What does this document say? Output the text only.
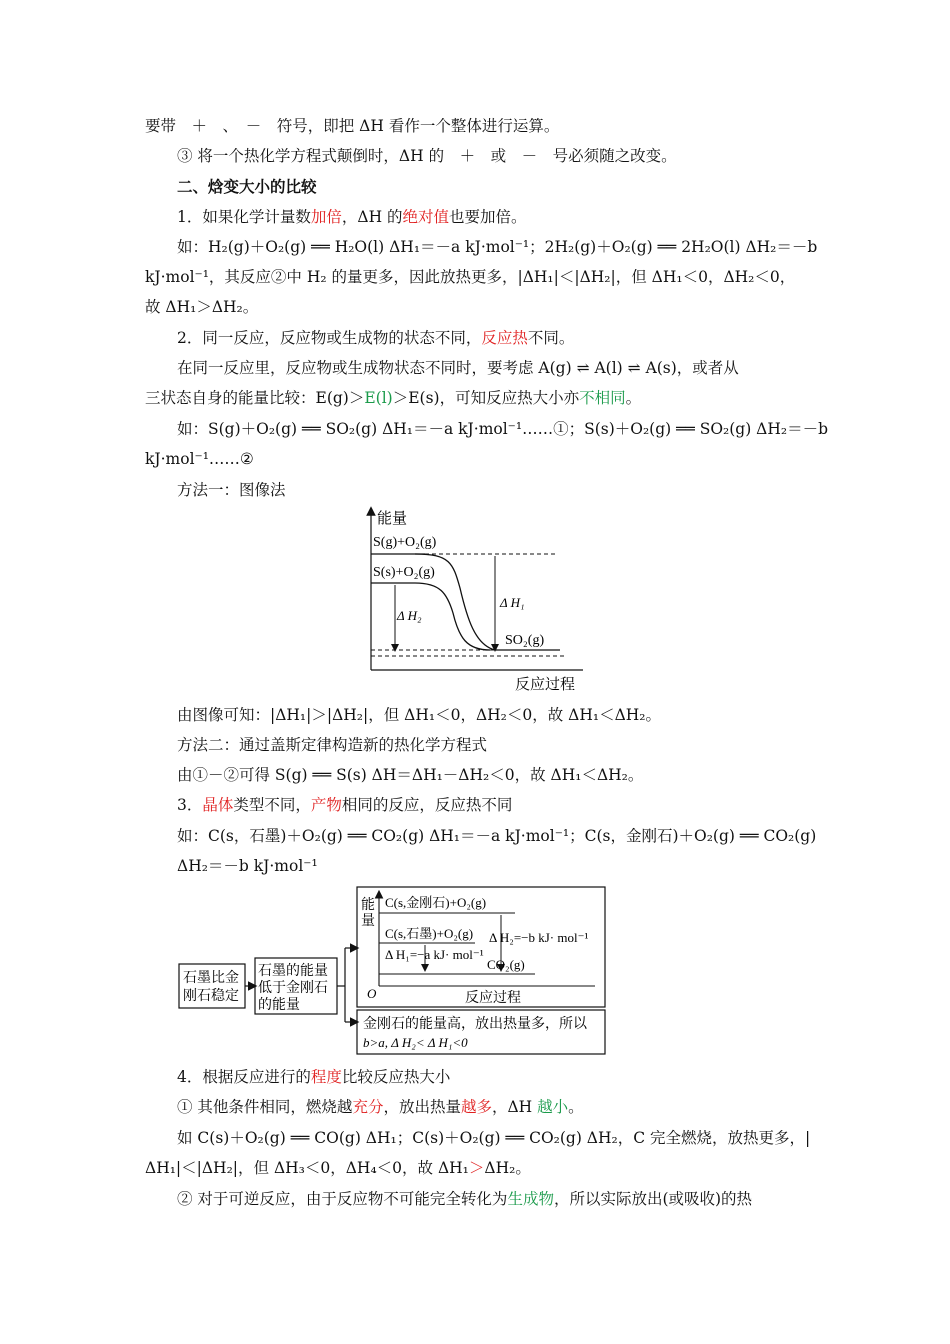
要带　＋　、　－　符号，即把 ΔH 看作一个整体进行运算。
③ 将一个热化学方程式颠倒时，ΔH 的　＋　或　－　号必须随之改变。
二、焓变大小的比较
1．如果化学计量数加倍，ΔH 的绝对值也要加倍。
如：H₂(g)＋O₂(g) ══ H₂O(l) ΔH₁＝－a kJ·mol⁻¹；2H₂(g)＋O₂(g) ══ 2H₂O(l) ΔH₂＝－b
kJ·mol⁻¹，其反应②中 H₂ 的量更多，因此放热更多，|ΔH₁|＜|ΔH₂|，但 ΔH₁＜0，ΔH₂＜0，
故 ΔH₁＞ΔH₂。
2．同一反应，反应物或生成物的状态不同，反应热不同。
在同一反应里，反应物或生成物状态不同时，要考虑 A(g) ⇌ A(l) ⇌ A(s)，或者从
三状态自身的能量比较：E(g)＞E(l)＞E(s)，可知反应热大小亦不相同。
如：S(g)＋O₂(g) ══ SO₂(g) ΔH₁＝－a kJ·mol⁻¹……①；S(s)＋O₂(g) ══ SO₂(g) ΔH₂＝－b
kJ·mol⁻¹……②
方法一：图像法
能量
反应过程
S(g)+O₂(g)
S(s)+O₂(g)
SO₂(g)
Δ H₂
Δ H₁
由图像可知：|ΔH₁|＞|ΔH₂|，但 ΔH₁＜0，ΔH₂＜0，故 ΔH₁＜ΔH₂。
方法二：通过盖斯定律构造新的热化学方程式
由①－②可得 S(g) ══ S(s) ΔH＝ΔH₁－ΔH₂＜0，故 ΔH₁＜ΔH₂。
3．晶体类型不同，产物相同的反应，反应热不同
如：C(s，石墨)＋O₂(g) ══ CO₂(g) ΔH₁＝－a kJ·mol⁻¹；C(s，金刚石)＋O₂(g) ══ CO₂(g)
ΔH₂＝－b kJ·mol⁻¹
石墨比金
刚石稳定
石墨的能量
低于金刚石
的能量
能
量
C(s,金刚石)+O₂(g)
C(s,石墨)+O₂(g) Δ H₂=−b kJ· mol⁻¹
Δ H₁=−a kJ· mol⁻¹
CO₂(g)
O	反应过程
金刚石的能量高，放出热量多，所以
b>a, Δ H₂< Δ H₁<0
4．根据反应进行的程度比较反应热大小
① 其他条件相同，燃烧越充分，放出热量越多，ΔH 越小。
如 C(s)＋O₂(g) ══ CO(g) ΔH₁；C(s)＋O₂(g) ══ CO₂(g) ΔH₂，C 完全燃烧，放热更多，|
ΔH₁|＜|ΔH₂|，但 ΔH₃＜0，ΔH₄＜0，故 ΔH₁＞ΔH₂。
② 对于可逆反应，由于反应物不可能完全转化为生成物，所以实际放出(或吸收)的热
